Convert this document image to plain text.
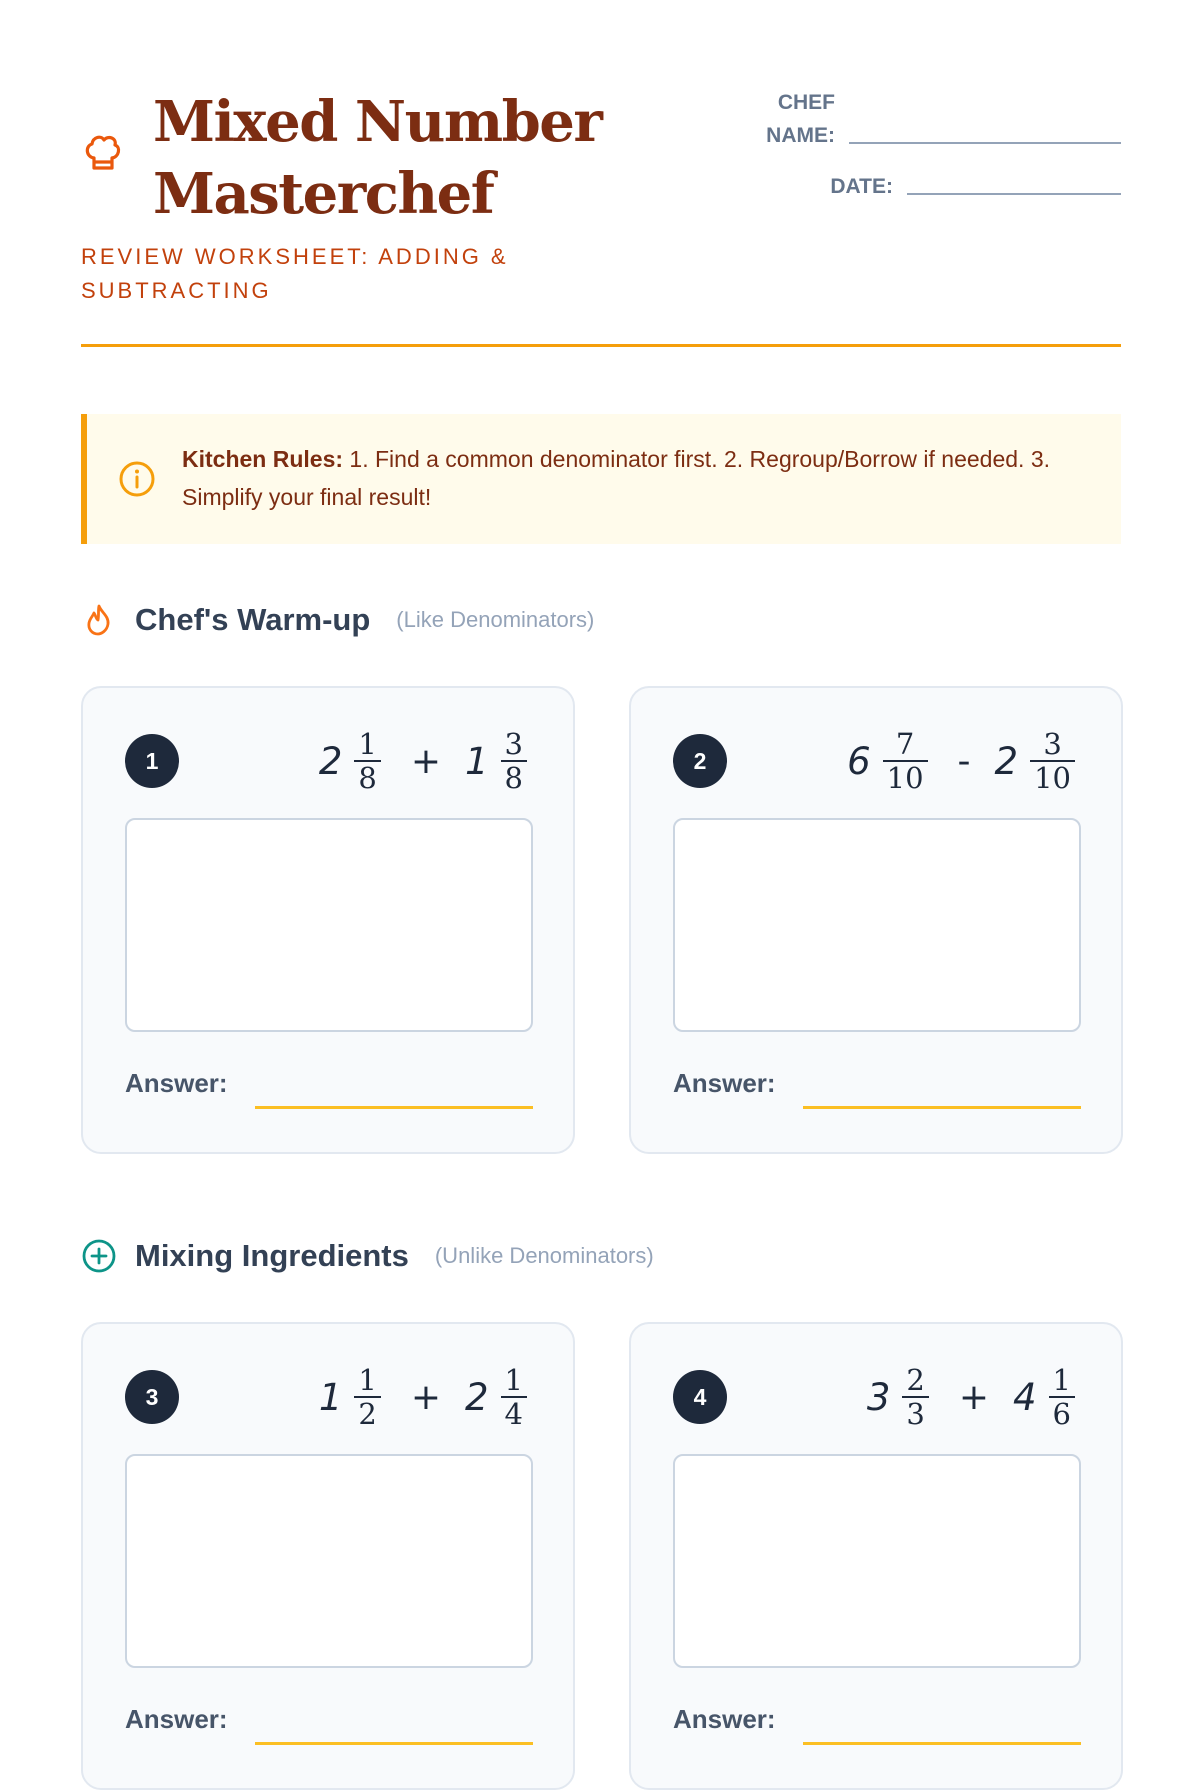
Mixed Number Masterchef
REVIEW WORKSHEET: ADDING & SUBTRACTING
CHEF NAME:
DATE:
Kitchen Rules: 1. Find a common denominator first. 2. Regroup/Borrow if needed. 3. Simplify your final result!
Chef's Warm-up (Like Denominators)
1	$2 \frac{1}{8} + 1 \frac{3}{8}$
Answer:
2	$6 \frac{7}{10} - 2 \frac{3}{10}$
Answer:
Mixing Ingredients (Unlike Denominators)
3	$1 \frac{1}{2} + 2 \frac{1}{4}$
Answer:
4	$3 \frac{2}{3} + 4 \frac{1}{6}$
Answer:
